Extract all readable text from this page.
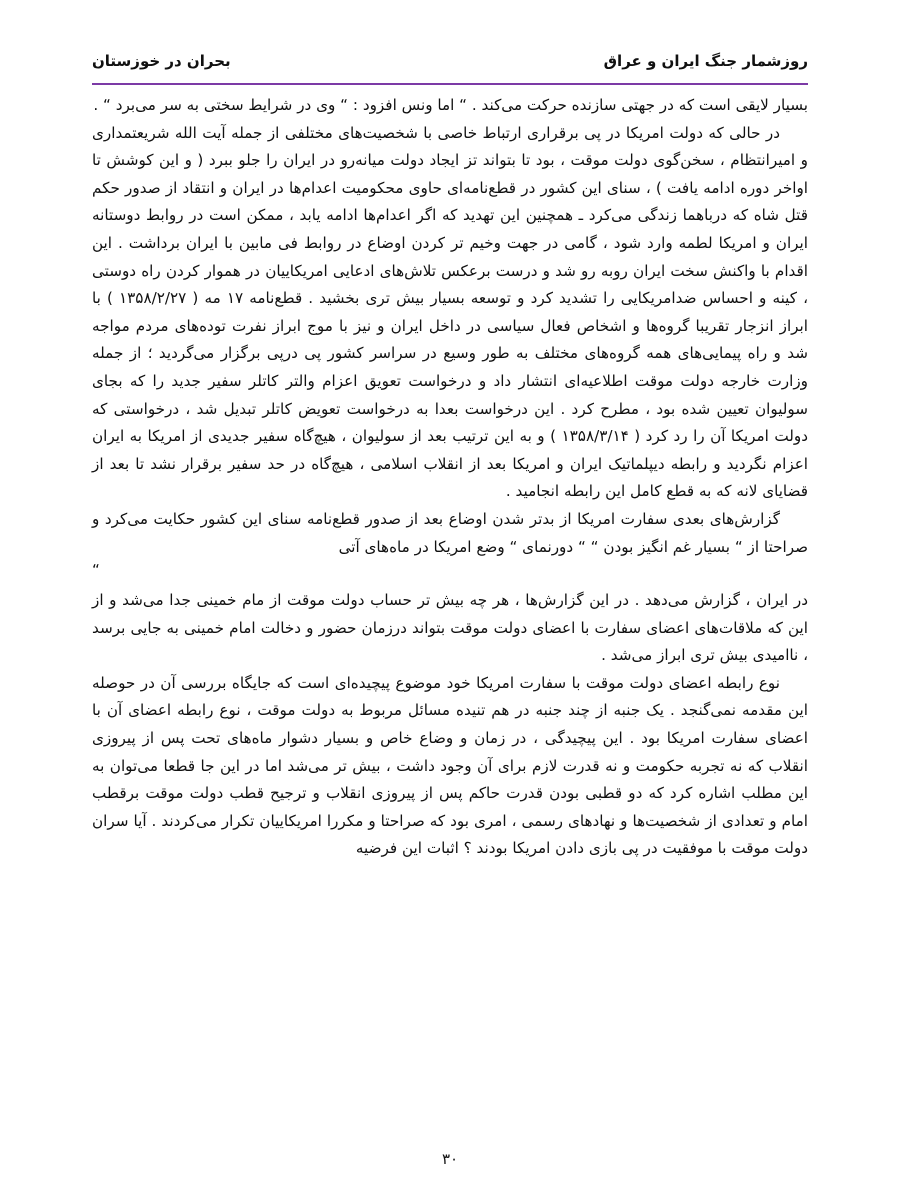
روزشمار جنگ ایران و عراق
بحران در خوزستان

بسیار لایقی است که در جهتی سازنده حرکت می‌کند . “ اما ونس افزود : “ وی در شرایط سختی به سر می‌برد “ .

در حالی که دولت امریکا در پی برقراری ارتباط خاصی با شخصیت‌های مختلفی از جمله آیت الله شریعتمداری و امیرانتظام ، سخن‌گوی دولت موقت ، بود تا بتواند تز ایجاد دولت میانه‌رو در ایران را جلو ببرد ( و این کوشش تا اواخر دوره ادامه یافت ) ، سنای این کشور در قطع‌نامه‌ای حاوی محکومیت اعدام‌ها در ایران و انتقاد از صدور حکم قتل شاه که درباهما زندگی می‌کرد ـ همچنین این تهدید که اگر اعدام‌ها ادامه یابد ، ممکن است در روابط دوستانه ایران و امریکا لطمه وارد شود ، گامی در جهت وخیم تر کردن اوضاع در روابط فی مابین با ایران برداشت . این اقدام با واکنش سخت ایران روبه رو شد و درست برعکس تلاش‌های ادعایی امریکاییان در هموار کردن راه دوستی ، کینه و احساس ضدامریکایی را تشدید کرد و توسعه بسیار بیش تری بخشید . قطع‌نامه ۱۷ مه ( ۱۳۵۸/۲/۲۷ ) با ابراز انزجار تقریبا گروه‌ها و اشخاص فعال سیاسی در داخل ایران و نیز با موج ابراز نفرت توده‌های مردم مواجه شد و راه پیمایی‌های همه گروه‌های مختلف به طور وسیع در سراسر کشور پی درپی برگزار می‌گردید ؛ از جمله وزارت خارجه دولت موقت اطلاعیه‌ای انتشار داد و درخواست تعویق اعزام والتر کاتلر سفیر جدید را که بجای سولیوان تعیین شده بود ، مطرح کرد . این درخواست بعدا به درخواست تعویض کاتلر تبدیل شد ، درخواستی که دولت امریکا آن را رد کرد ( ۱۳۵۸/۳/۱۴ ) و به این ترتیب بعد از سولیوان ، هیچ‌گاه سفیر جدیدی از امریکا به ایران اعزام نگردید و رابطه دیپلماتیک ایران و امریکا بعد از انقلاب اسلامی ، هیچ‌گاه در حد سفیر برقرار نشد تا بعد از قضایای لانه که به قطع کامل این رابطه انجامید .

گزارش‌های بعدی سفارت امریکا از بدتر شدن اوضاع بعد از صدور قطع‌نامه سنای این کشور حکایت می‌کرد و صراحتا از “ بسیار غم انگیز بودن “ “ دورنمای “ وضع امریکا در ماه‌های آتی

“

در ایران ، گزارش می‌دهد . در این گزارش‌ها ، هر چه بیش تر حساب دولت موقت از مام خمینی جدا می‌شد و از این که ملاقات‌های اعضای سفارت با اعضای دولت موقت بتواند درزمان حضور و دخالت امام خمینی به جایی برسد ، ناامیدی بیش تری ابراز می‌شد .

نوع رابطه اعضای دولت موقت با سفارت امریکا خود موضوع پیچیده‌ای است که جایگاه بررسی آن در حوصله این مقدمه نمی‌گنجد . یک جنبه از چند جنبه در هم تنیده مسائل مربوط به دولت موقت ، نوع رابطه اعضای آن با اعضای سفارت امریکا بود . این پیچیدگی ، در زمان و وضاع خاص و بسیار دشوار ماه‌های تحت پس از پیروزی انقلاب که نه تجربه حکومت و نه قدرت لازم برای آن وجود داشت ، بیش تر می‌شد اما در این جا قطعا می‌توان به این مطلب اشاره کرد که دو قطبی بودن قدرت حاکم پس از پیروزی انقلاب و ترجیح قطب دولت موقت برقطب امام و تعدادی از شخصیت‌ها و نهادهای رسمی ، امری بود که صراحتا و مکررا امریکاییان تکرار می‌کردند . آیا سران دولت موقت با موفقیت در پی بازی دادن امریکا بودند ؟ اثبات این فرضیه

۳۰
